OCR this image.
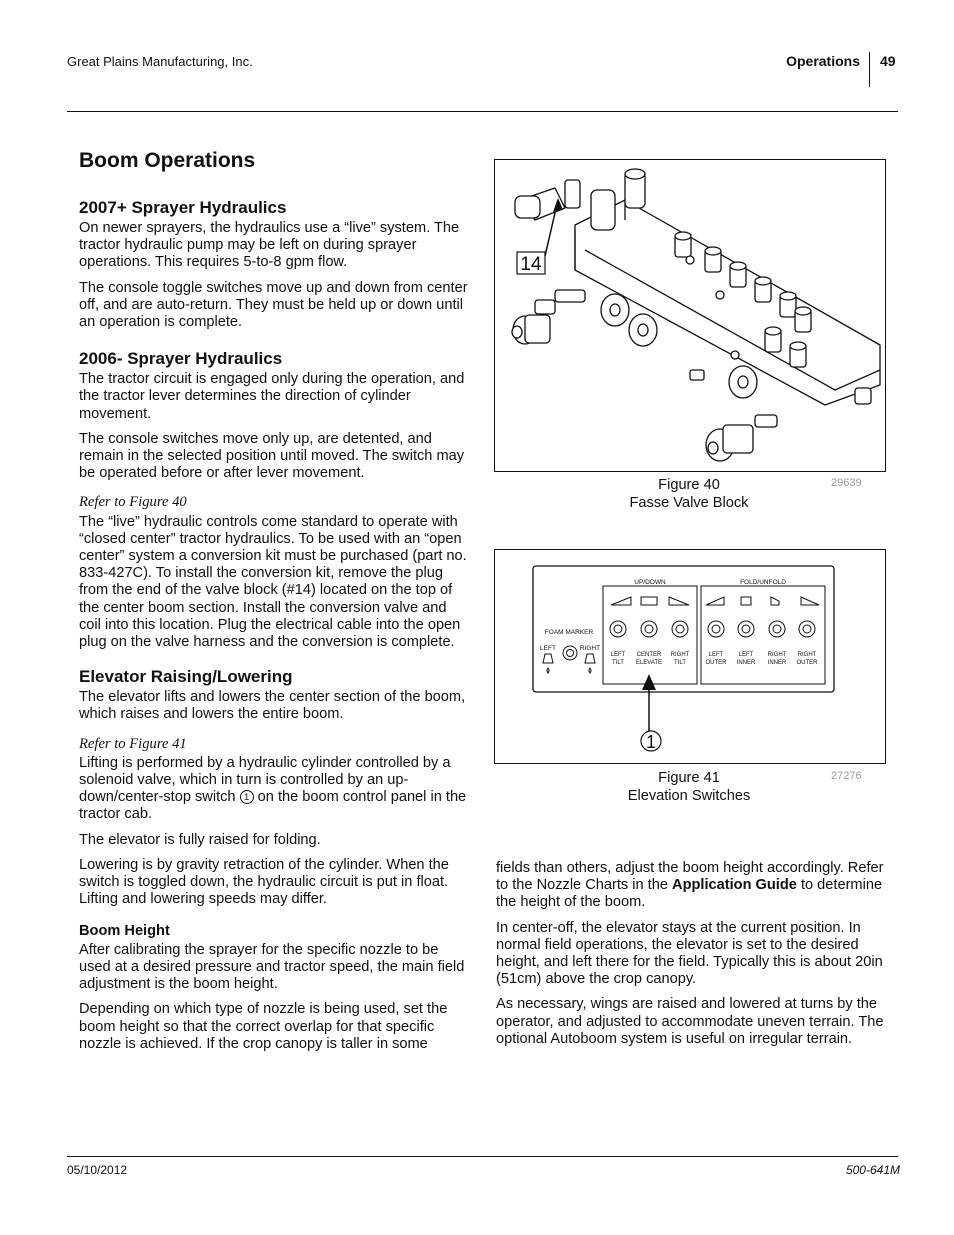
Great Plains Manufacturing, Inc.	Operations 49
Boom Operations
2007+ Sprayer Hydraulics

On newer sprayers, the hydraulics use a “live” system. The tractor hydraulic pump may be left on during sprayer operations. This requires 5-to-8 gpm flow.

The console toggle switches move up and down from center off, and are auto-return. They must be held up or down until an operation is complete.

2006- Sprayer Hydraulics

The tractor circuit is engaged only during the operation, and the tractor lever determines the direction of cylinder movement.

The console switches move only up, are detented, and remain in the selected position until moved. The switch may be operated before or after lever movement.

Refer to Figure 40

The “live” hydraulic controls come standard to operate with “closed center” tractor hydraulics. To be used with an “open center” system a conversion kit must be purchased (part no. 833-427C). To install the conversion kit, remove the plug from the end of the valve block (#14) located on the top of the center boom section. Install the conversion valve and coil into this location. Plug the electrical cable into the open plug on the valve harness and the conversion is complete.

Elevator Raising/Lowering

The elevator lifts and lowers the center section of the boom, which raises and lowers the entire boom.

Refer to Figure 41

Lifting is performed by a hydraulic cylinder controlled by a solenoid valve, which in turn is controlled by an up-down/center-stop switch 1 on the boom control panel in the tractor cab.

The elevator is fully raised for folding.

Lowering is by gravity retraction of the cylinder. When the switch is toggled down, the hydraulic circuit is put in float. Lifting and lowering speeds may differ.

Boom Height

After calibrating the sprayer for the specific nozzle to be used at a desired pressure and tractor speed, the main field adjustment is the boom height.

Depending on which type of nozzle is being used, set the boom height so that the correct overlap for that specific nozzle is achieved. If the crop canopy is taller in some

14
Figure 40
Fasse Valve Block
29639
FOAM MARKER
LEFT	RIGHT
UP/DOWN	FOLD/UNFOLD
LEFT
TILT
CENTER
ELEVATE
RIGHT
TILT
LEFT
OUTER
LEFT
INNER
RIGHT
INNER
RIGHT
OUTER
1
Figure 41
Elevation Switches
27276

fields than others, adjust the boom height accordingly. Refer to the Nozzle Charts in the Application Guide to determine the height of the boom.

In center-off, the elevator stays at the current position. In normal field operations, the elevator is set to the desired height, and left there for the field. Typically this is about 20in (51cm) above the crop canopy.

As necessary, wings are raised and lowered at turns by the operator, and adjusted to accommodate uneven terrain. The optional Autoboom system is useful on irregular terrain.

05/10/2012	500-641M
